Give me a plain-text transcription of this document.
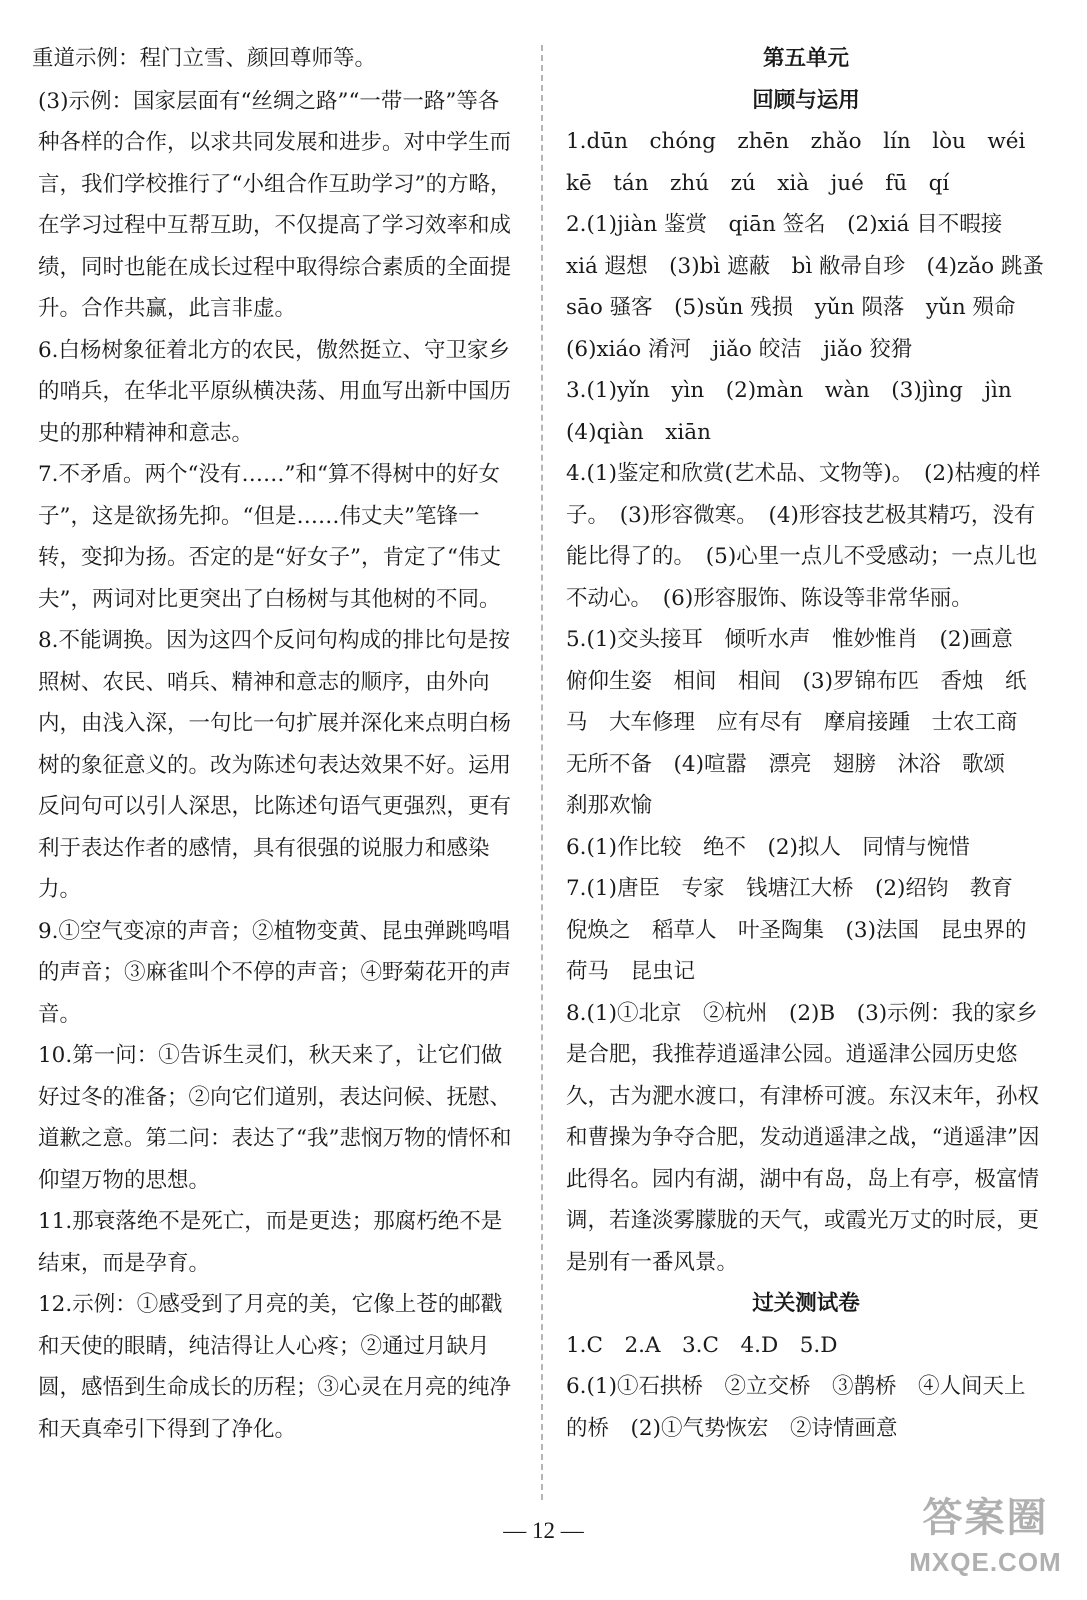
重道示例：程门立雪、颜回尊师等。

(3)示例：国家层面有“丝绸之路”“一带一路”等各种各样的合作，以求共同发展和进步。对中学生而言，我们学校推行了“小组合作互助学习”的方略，在学习过程中互帮互助，不仅提高了学习效率和成绩，同时也能在成长过程中取得综合素质的全面提升。合作共赢，此言非虚。

6.白杨树象征着北方的农民，傲然挺立、守卫家乡的哨兵，在华北平原纵横决荡、用血写出新中国历史的那种精神和意志。

7.不矛盾。两个“没有……”和“算不得树中的好女子”，这是欲扬先抑。“但是……伟丈夫”笔锋一转，变抑为扬。否定的是“好女子”，肯定了“伟丈夫”，两词对比更突出了白杨树与其他树的不同。

8.不能调换。因为这四个反问句构成的排比句是按照树、农民、哨兵、精神和意志的顺序，由外向内，由浅入深，一句比一句扩展并深化来点明白杨树的象征意义的。改为陈述句表达效果不好。运用反问句可以引人深思，比陈述句语气更强烈，更有利于表达作者的感情，具有很强的说服力和感染力。

9.①空气变凉的声音；②植物变黄、昆虫弹跳鸣唱的声音；③麻雀叫个不停的声音；④野菊花开的声音。

10.第一问：①告诉生灵们，秋天来了，让它们做好过冬的准备；②向它们道别，表达问候、抚慰、道歉之意。第二问：表达了“我”悲悯万物的情怀和仰望万物的思想。

11.那衰落绝不是死亡，而是更迭；那腐朽绝不是结束，而是孕育。

12.示例：①感受到了月亮的美，它像上苍的邮戳和天使的眼睛，纯洁得让人心疼；②通过月缺月圆，感悟到生命成长的历程；③心灵在月亮的纯净和天真牵引下得到了净化。

第五单元

回顾与运用

1.dūn　chóng　zhēn　zhǎo　lín　lòu　wéi　kē　tán　zhú　zú　xià　jué　fū　qí

2.(1)jiàn 鉴赏　qiān 签名　(2)xiá 目不暇接　xiá 遐想　(3)bì 遮蔽　bì 敝帚自珍　(4)zǎo 跳蚤　sāo 骚客　(5)sǔn 残损　yǔn 陨落　yǔn 殒命　(6)xiáo 淆河　jiǎo 皎洁　jiǎo 狡猾

3.(1)yǐn　yìn　(2)màn　wàn　(3)jìng　jìn　(4)qiàn　xiān

4.(1)鉴定和欣赏(艺术品、文物等)。　(2)枯瘦的样子。　(3)形容微寒。　(4)形容技艺极其精巧，没有能比得了的。　(5)心里一点儿不受感动；一点儿也不动心。　(6)形容服饰、陈设等非常华丽。

5.(1)交头接耳　倾听水声　惟妙惟肖　(2)画意　俯仰生姿　相间　相间　(3)罗锦布匹　香烛　纸马　大车修理　应有尽有　摩肩接踵　士农工商　无所不备　(4)喧嚣　漂亮　翅膀　沐浴　歌颂　刹那欢愉

6.(1)作比较　绝不　(2)拟人　同情与惋惜

7.(1)唐臣　专家　钱塘江大桥　(2)绍钧　教育　倪焕之　稻草人　叶圣陶集　(3)法国　昆虫界的荷马　昆虫记

8.(1)①北京　②杭州　(2)B　(3)示例：我的家乡是合肥，我推荐逍遥津公园。逍遥津公园历史悠久，古为淝水渡口，有津桥可渡。东汉末年，孙权和曹操为争夺合肥，发动逍遥津之战，“逍遥津”因此得名。园内有湖，湖中有岛，岛上有亭，极富情调，若逢淡雾朦胧的天气，或霞光万丈的时辰，更是别有一番风景。

过关测试卷

1.C　2.A　3.C　4.D　5.D

6.(1)①石拱桥　②立交桥　③鹊桥　④人间天上的桥　(2)①气势恢宏　②诗情画意

— 12 —	答案圈
MXQE.COM
